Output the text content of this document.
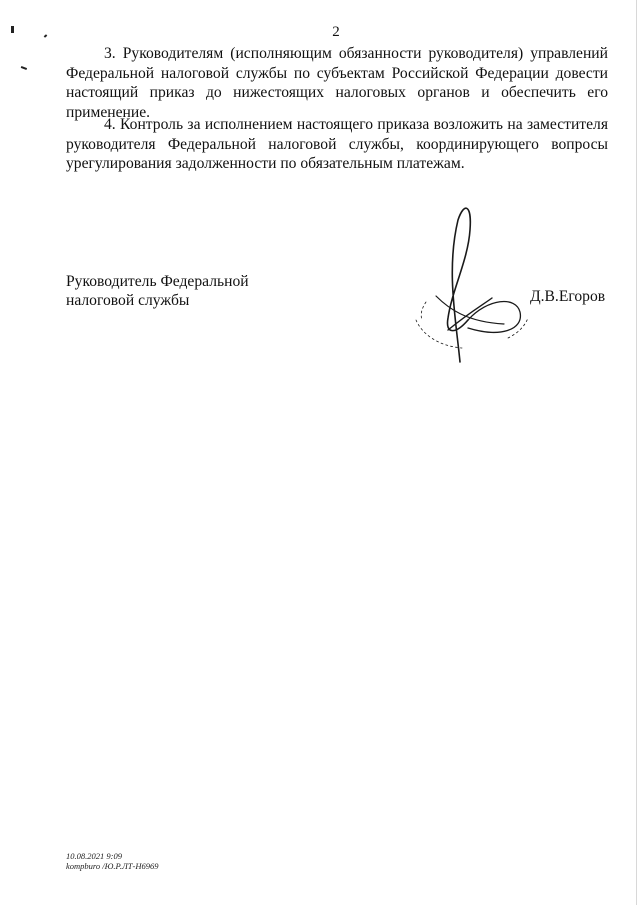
2

3. Руководителям (исполняющим обязанности руководителя) управлений Федеральной налоговой службы по субъектам Российской Федерации довести настоящий приказ до нижестоящих налоговых органов и обеспечить его применение.

4. Контроль за исполнением настоящего приказа возложить на заместителя руководителя Федеральной налоговой службы, координирующего вопросы урегулирования задолженности по обязательным платежам.

Руководитель Федеральной
налоговой службы	Д.В.Егоров
10.08.2021 9:09
kompburo /Ю.Р.ЛТ-Н6969
